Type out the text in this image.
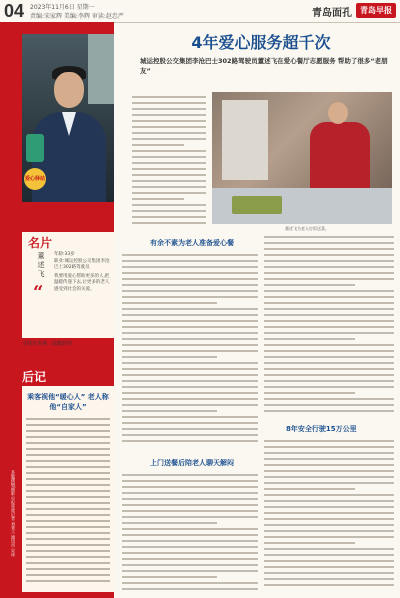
04 2023年11月6日 星期一
责编:宋家辉 美编:李辉 审读:赵忠严	青岛面孔	青岛早报
爱心驿站
名片
董述飞
“
年龄:33岁
职业:城运控股公交集团李沧巴士302路驾驶员
我要用爱心帮助更多的人,把温暖传递下去,让更多的老人感受到社会的关爱。
寻找有故事、温暖的你
早报热线:82888000
后记
乘客视他“暖心人” 老人称他“自家人”
本版撰稿/摄影 早报首席记者 刘秀兰 通讯员 吴冰
4年爱心服务超千次
城运控股公交集团李沧巴士302路驾驶员董述飞在爱心餐厅志愿服务 帮助了很多“老朋友”
董述飞为老人打饭送菜。
有余不素为老人准备爱心餐
上门送餐后陪老人聊天解闷
8年安全行驶15万公里
